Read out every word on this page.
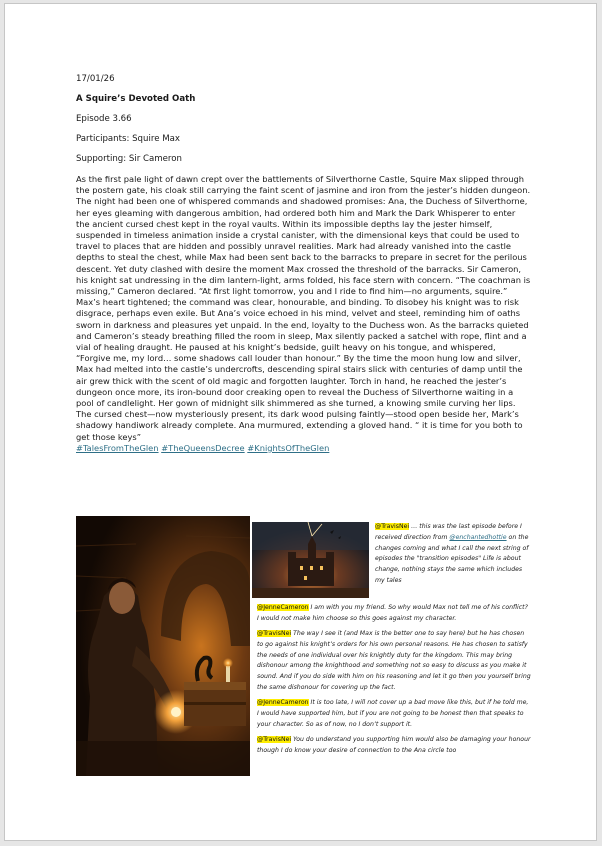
17/01/26

A Squire’s Devoted Oath

Episode 3.66

Participants: Squire Max

Supporting: Sir Cameron

As the first pale light of dawn crept over the battlements of Silverthorne Castle, Squire Max slipped through the postern gate, his cloak still carrying the faint scent of jasmine and iron from the jester’s hidden dungeon. The night had been one of whispered commands and shadowed promises: Ana, the Duchess of Silverthorne, her eyes gleaming with dangerous ambition, had ordered both him and Mark the Dark Whisperer to enter the ancient cursed chest kept in the royal vaults. Within its impossible depths lay the jester himself, suspended in timeless animation inside a crystal canister, with the dimensional keys that could be used to travel to places that are hidden and possibly unravel realities. Mark had already vanished into the castle depths to steal the chest, while Max had been sent back to the barracks to prepare in secret for the perilous descent. Yet duty clashed with desire the moment Max crossed the threshold of the barracks. Sir Cameron, his knight sat undressing in the dim lantern-light, arms folded, his face stern with concern. “The coachman is missing,” Cameron declared. “At first light tomorrow, you and I ride to find him—no arguments, squire.” Max’s heart tightened; the command was clear, honourable, and binding. To disobey his knight was to risk disgrace, perhaps even exile. But Ana’s voice echoed in his mind, velvet and steel, reminding him of oaths sworn in darkness and pleasures yet unpaid. In the end, loyalty to the Duchess won. As the barracks quieted and Cameron’s steady breathing filled the room in sleep, Max silently packed a satchel with rope, flint and a vial of healing draught. He paused at his knight’s bedside, guilt heavy on his tongue, and whispered, “Forgive me, my lord… some shadows call louder than honour.” By the time the moon hung low and silver, Max had melted into the castle’s undercrofts, descending spiral stairs slick with centuries of damp until the air grew thick with the scent of old magic and forgotten laughter. Torch in hand, he reached the jester’s dungeon once more, its iron-bound door creaking open to reveal the Duchess of Silverthorne waiting in a pool of candlelight. Her gown of midnight silk shimmered as she turned, a knowing smile curving her lips. The cursed chest—now mysteriously present, its dark wood pulsing faintly—stood open beside her, Mark’s shadowy handiwork already complete. Ana murmured, extending a gloved hand. “ it is time for you both to get those keys”

#TalesFromTheGlen #TheQueensDecree #KnightsOfTheGlen

@TravisNei … this was the last episode before I received direction from @enchantedhottie on the changes coming and what I call the next string of episodes the "transition episodes" Life is about change, nothing stays the same which includes my tales

@JenneCameron I am with you my friend. So why would Max not tell me of his conflict? I would not make him choose so this goes against my character.

@TravisNei The way I see it (and Max is the better one to say here) but he has chosen to go against his knight’s orders for his own personal reasons. He has chosen to satisfy the needs of one individual over his knightly duty for the kingdom. This may bring dishonour among the knighthood and something not so easy to discuss as you make it sound. And if you do side with him on his reasoning and let it go then you yourself bring the same dishonour for covering up the fact.

@JenneCameron It is too late, I will not cover up a bad move like this, but if he told me, I would have supported him, but if you are not going to be honest then that speaks to your character. So as of now, no I don’t support it.

@TravisNei You do understand you supporting him would also be damaging your honour though I do know your desire of connection to the Ana circle too
